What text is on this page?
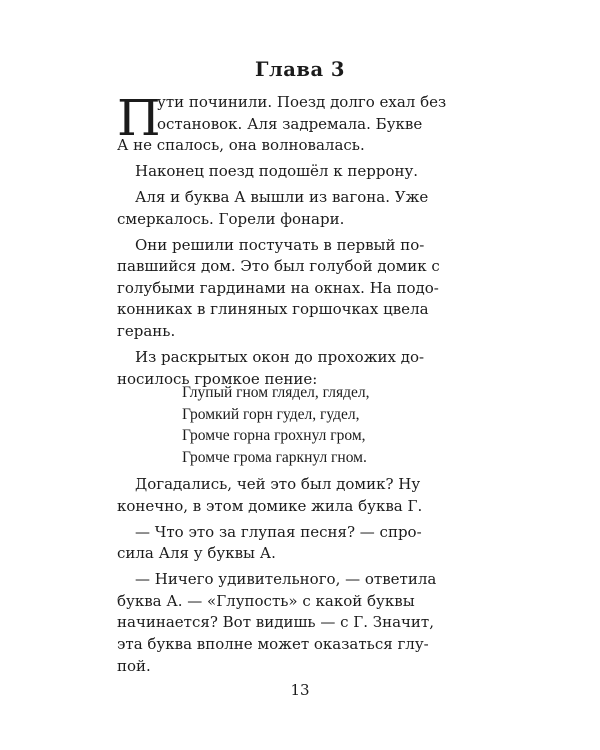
Глава 3
П
ути починили. Поезд долго ехал без
остановок. Аля задремала. Букве
А не спалось, она волновалась.
Наконец поезд подошёл к перрону.
Аля и буква А вышли из вагона. Уже
смеркалось. Горели фонари.
Они решили постучать в первый по-
павшийся дом. Это был голубой домик с
голубыми гардинами на окнах. На подо-
конниках в глиняных горшочках цвела
герань.
Из раскрытых окон до прохожих до-
носилось громкое пение:
Глупый гном глядел, глядел,
Громкий горн гудел, гудел,
Громче горна грохнул гром,
Громче грома гаркнул гном.
Догадались, чей это был домик? Ну
конечно, в этом домике жила буква Г.
— Что это за глупая песня? — спро-
сила Аля у буквы А.
— Ничего удивительного, — ответила
буква А. — «Глупость» с какой буквы
начинается? Вот видишь — с Г. Значит,
эта буква вполне может оказаться глу-
пой.

13
